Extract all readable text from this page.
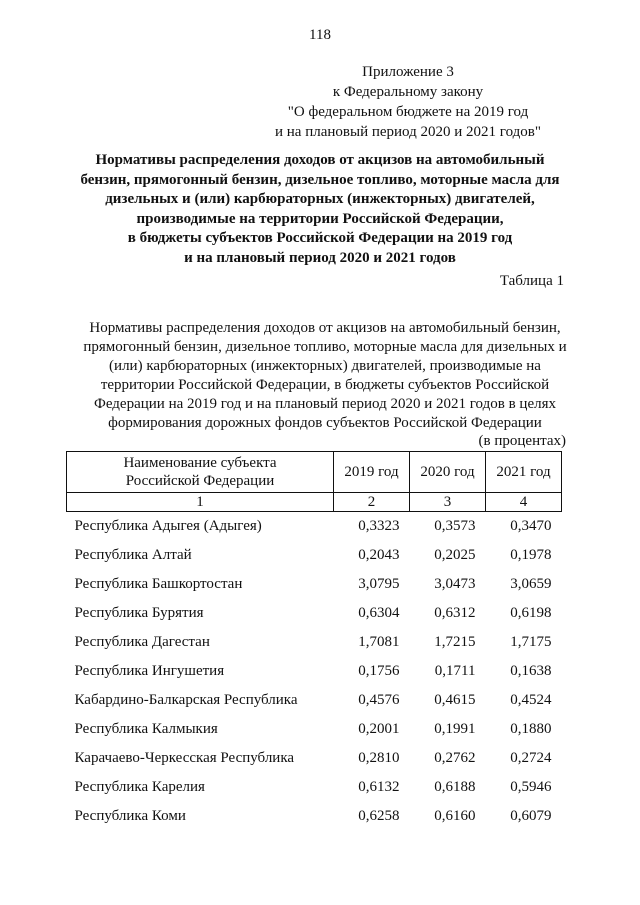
118
Приложение 3
к Федеральному закону
"О федеральном бюджете на 2019 год
и на плановый период 2020 и 2021 годов"
Нормативы распределения доходов от акцизов на автомобильный
бензин, прямогонный бензин, дизельное топливо, моторные масла для
дизельных и (или) карбюраторных (инжекторных) двигателей,
производимые на территории Российской Федерации,
в бюджеты субъектов Российской Федерации на 2019 год
и на плановый период 2020 и 2021 годов
Таблица 1
Нормативы распределения доходов от акцизов на автомобильный бензин,
прямогонный бензин, дизельное топливо, моторные масла для дизельных и
(или) карбюраторных (инжекторных) двигателей, производимые на
территории Российской Федерации, в бюджеты субъектов Российской
Федерации на 2019 год и на плановый период 2020 и 2021 годов в целях
формирования дорожных фондов субъектов Российской Федерации
(в процентах)
Наименование субъекта
Российской Федерации	2019 год	2020 год	2021 год
1	2	3	4
Республика Адыгея (Адыгея)	0,3323	0,3573	0,3470
Республика Алтай	0,2043	0,2025	0,1978
Республика Башкортостан	3,0795	3,0473	3,0659
Республика Бурятия	0,6304	0,6312	0,6198
Республика Дагестан	1,7081	1,7215	1,7175
Республика Ингушетия	0,1756	0,1711	0,1638
Кабардино-Балкарская Республика	0,4576	0,4615	0,4524
Республика Калмыкия	0,2001	0,1991	0,1880
Карачаево-Черкесская Республика	0,2810	0,2762	0,2724
Республика Карелия	0,6132	0,6188	0,5946
Республика Коми	0,6258	0,6160	0,6079
